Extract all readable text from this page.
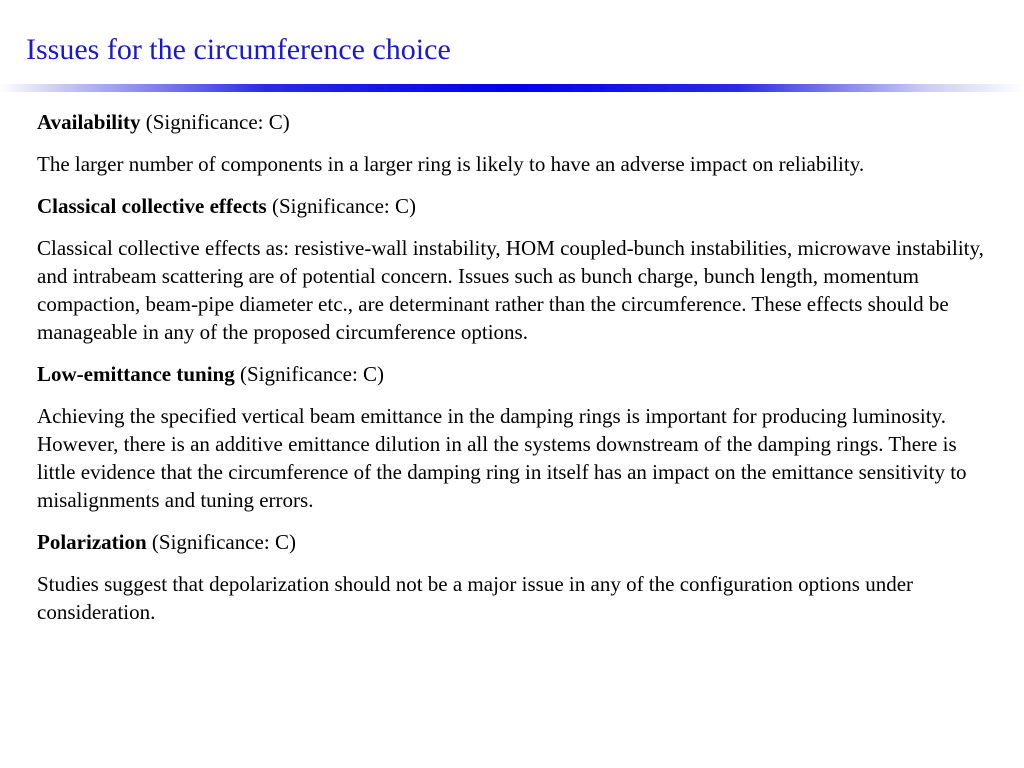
Issues for the circumference choice

Availability (Significance: C)

The larger number of components in a larger ring is likely to have an adverse impact on reliability.

Classical collective effects (Significance: C)

Classical collective effects as: resistive-wall instability, HOM coupled-bunch instabilities, microwave instability, and intrabeam scattering are of potential concern. Issues such as bunch charge, bunch length, momentum compaction, beam-pipe diameter etc., are determinant rather than the circumference. These effects should be manageable in any of the proposed circumference options.

Low-emittance tuning (Significance: C)

Achieving the specified vertical beam emittance in the damping rings is important for producing luminosity. However, there is an additive emittance dilution in all the systems downstream of the damping rings. There is little evidence that the circumference of the damping ring in itself has an impact on the emittance sensitivity to misalignments and tuning errors.

Polarization (Significance: C)

Studies suggest that depolarization should not be a major issue in any of the configuration options under consideration.
